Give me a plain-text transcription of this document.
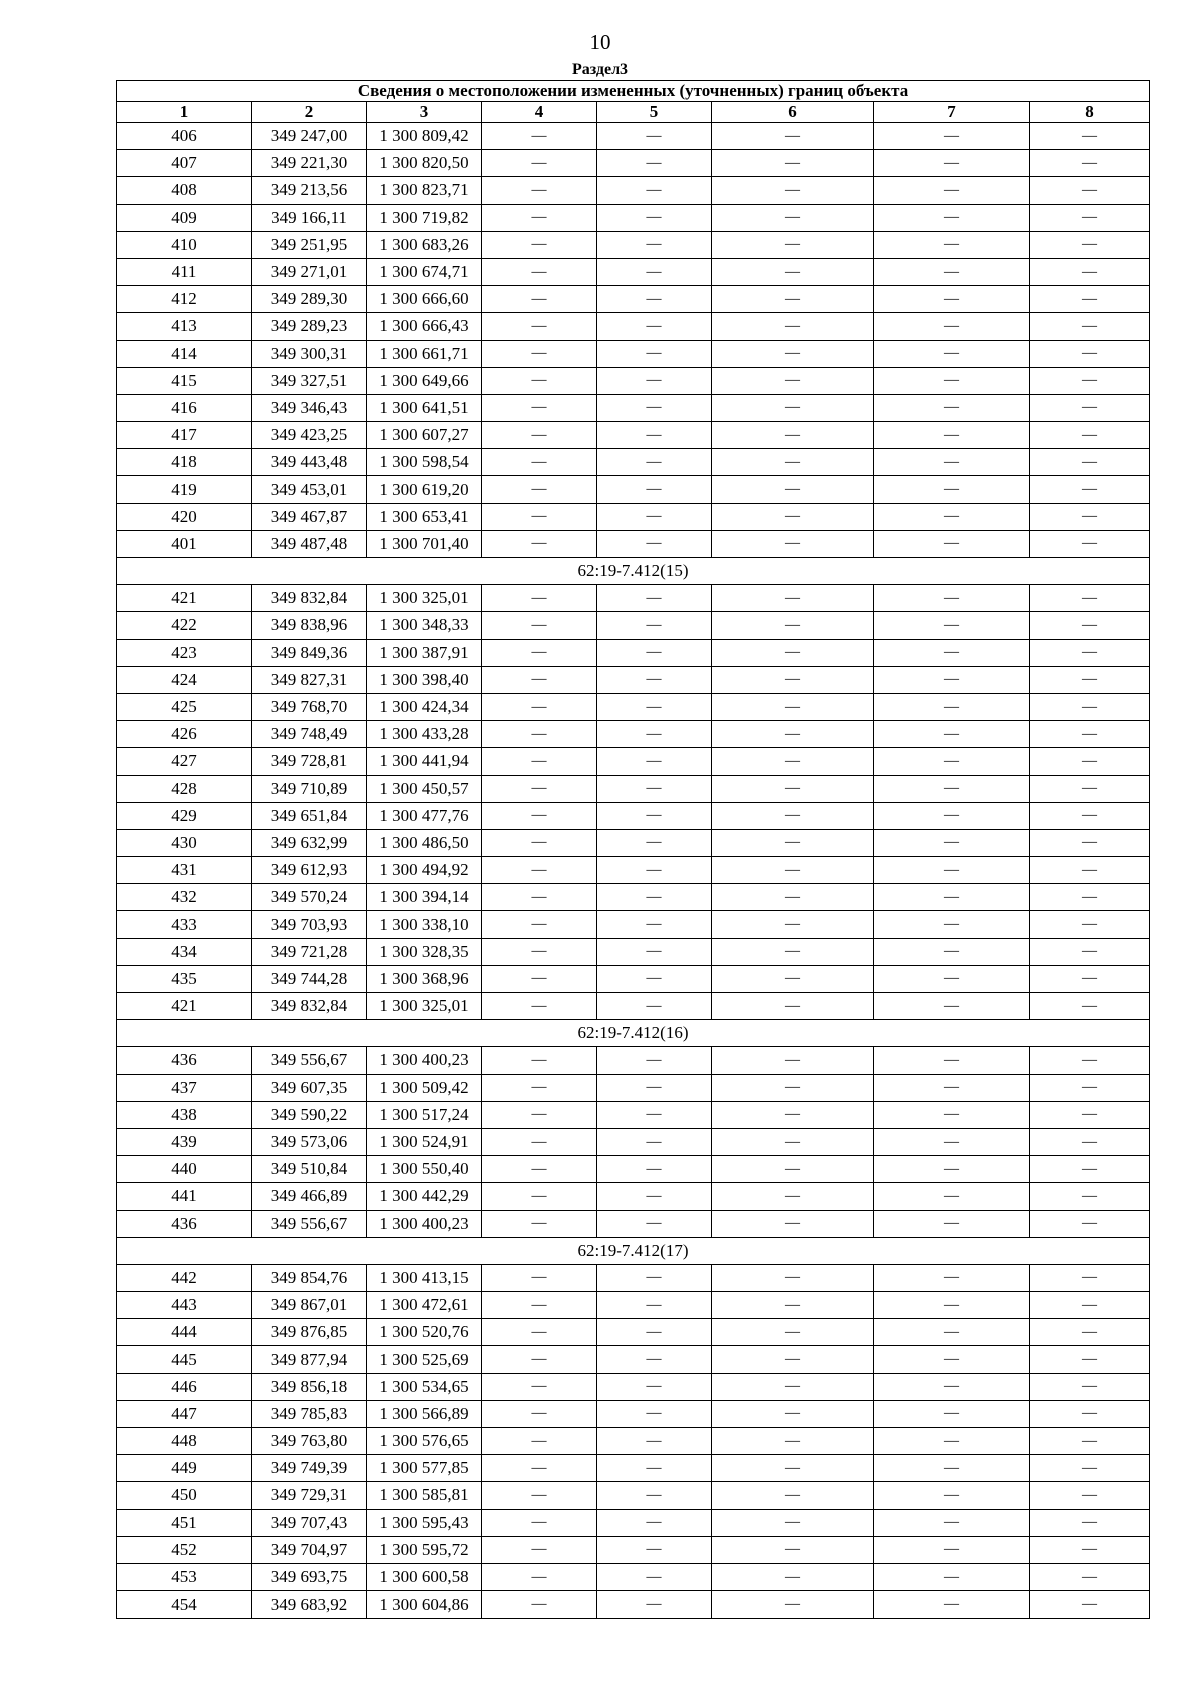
10
Раздел3
Сведения о местоположении измененных (уточненных) границ объекта							
1	2	3	4	5	6	7	8
406	349 247,00	1 300 809,42	—	—	—	—	—
407	349 221,30	1 300 820,50	—	—	—	—	—
408	349 213,56	1 300 823,71	—	—	—	—	—
409	349 166,11	1 300 719,82	—	—	—	—	—
410	349 251,95	1 300 683,26	—	—	—	—	—
411	349 271,01	1 300 674,71	—	—	—	—	—
412	349 289,30	1 300 666,60	—	—	—	—	—
413	349 289,23	1 300 666,43	—	—	—	—	—
414	349 300,31	1 300 661,71	—	—	—	—	—
415	349 327,51	1 300 649,66	—	—	—	—	—
416	349 346,43	1 300 641,51	—	—	—	—	—
417	349 423,25	1 300 607,27	—	—	—	—	—
418	349 443,48	1 300 598,54	—	—	—	—	—
419	349 453,01	1 300 619,20	—	—	—	—	—
420	349 467,87	1 300 653,41	—	—	—	—	—
401	349 487,48	1 300 701,40	—	—	—	—	—
62:19-7.412(15)							
421	349 832,84	1 300 325,01	—	—	—	—	—
422	349 838,96	1 300 348,33	—	—	—	—	—
423	349 849,36	1 300 387,91	—	—	—	—	—
424	349 827,31	1 300 398,40	—	—	—	—	—
425	349 768,70	1 300 424,34	—	—	—	—	—
426	349 748,49	1 300 433,28	—	—	—	—	—
427	349 728,81	1 300 441,94	—	—	—	—	—
428	349 710,89	1 300 450,57	—	—	—	—	—
429	349 651,84	1 300 477,76	—	—	—	—	—
430	349 632,99	1 300 486,50	—	—	—	—	—
431	349 612,93	1 300 494,92	—	—	—	—	—
432	349 570,24	1 300 394,14	—	—	—	—	—
433	349 703,93	1 300 338,10	—	—	—	—	—
434	349 721,28	1 300 328,35	—	—	—	—	—
435	349 744,28	1 300 368,96	—	—	—	—	—
421	349 832,84	1 300 325,01	—	—	—	—	—
62:19-7.412(16)							
436	349 556,67	1 300 400,23	—	—	—	—	—
437	349 607,35	1 300 509,42	—	—	—	—	—
438	349 590,22	1 300 517,24	—	—	—	—	—
439	349 573,06	1 300 524,91	—	—	—	—	—
440	349 510,84	1 300 550,40	—	—	—	—	—
441	349 466,89	1 300 442,29	—	—	—	—	—
436	349 556,67	1 300 400,23	—	—	—	—	—
62:19-7.412(17)							
442	349 854,76	1 300 413,15	—	—	—	—	—
443	349 867,01	1 300 472,61	—	—	—	—	—
444	349 876,85	1 300 520,76	—	—	—	—	—
445	349 877,94	1 300 525,69	—	—	—	—	—
446	349 856,18	1 300 534,65	—	—	—	—	—
447	349 785,83	1 300 566,89	—	—	—	—	—
448	349 763,80	1 300 576,65	—	—	—	—	—
449	349 749,39	1 300 577,85	—	—	—	—	—
450	349 729,31	1 300 585,81	—	—	—	—	—
451	349 707,43	1 300 595,43	—	—	—	—	—
452	349 704,97	1 300 595,72	—	—	—	—	—
453	349 693,75	1 300 600,58	—	—	—	—	—
454	349 683,92	1 300 604,86	—	—	—	—	—
